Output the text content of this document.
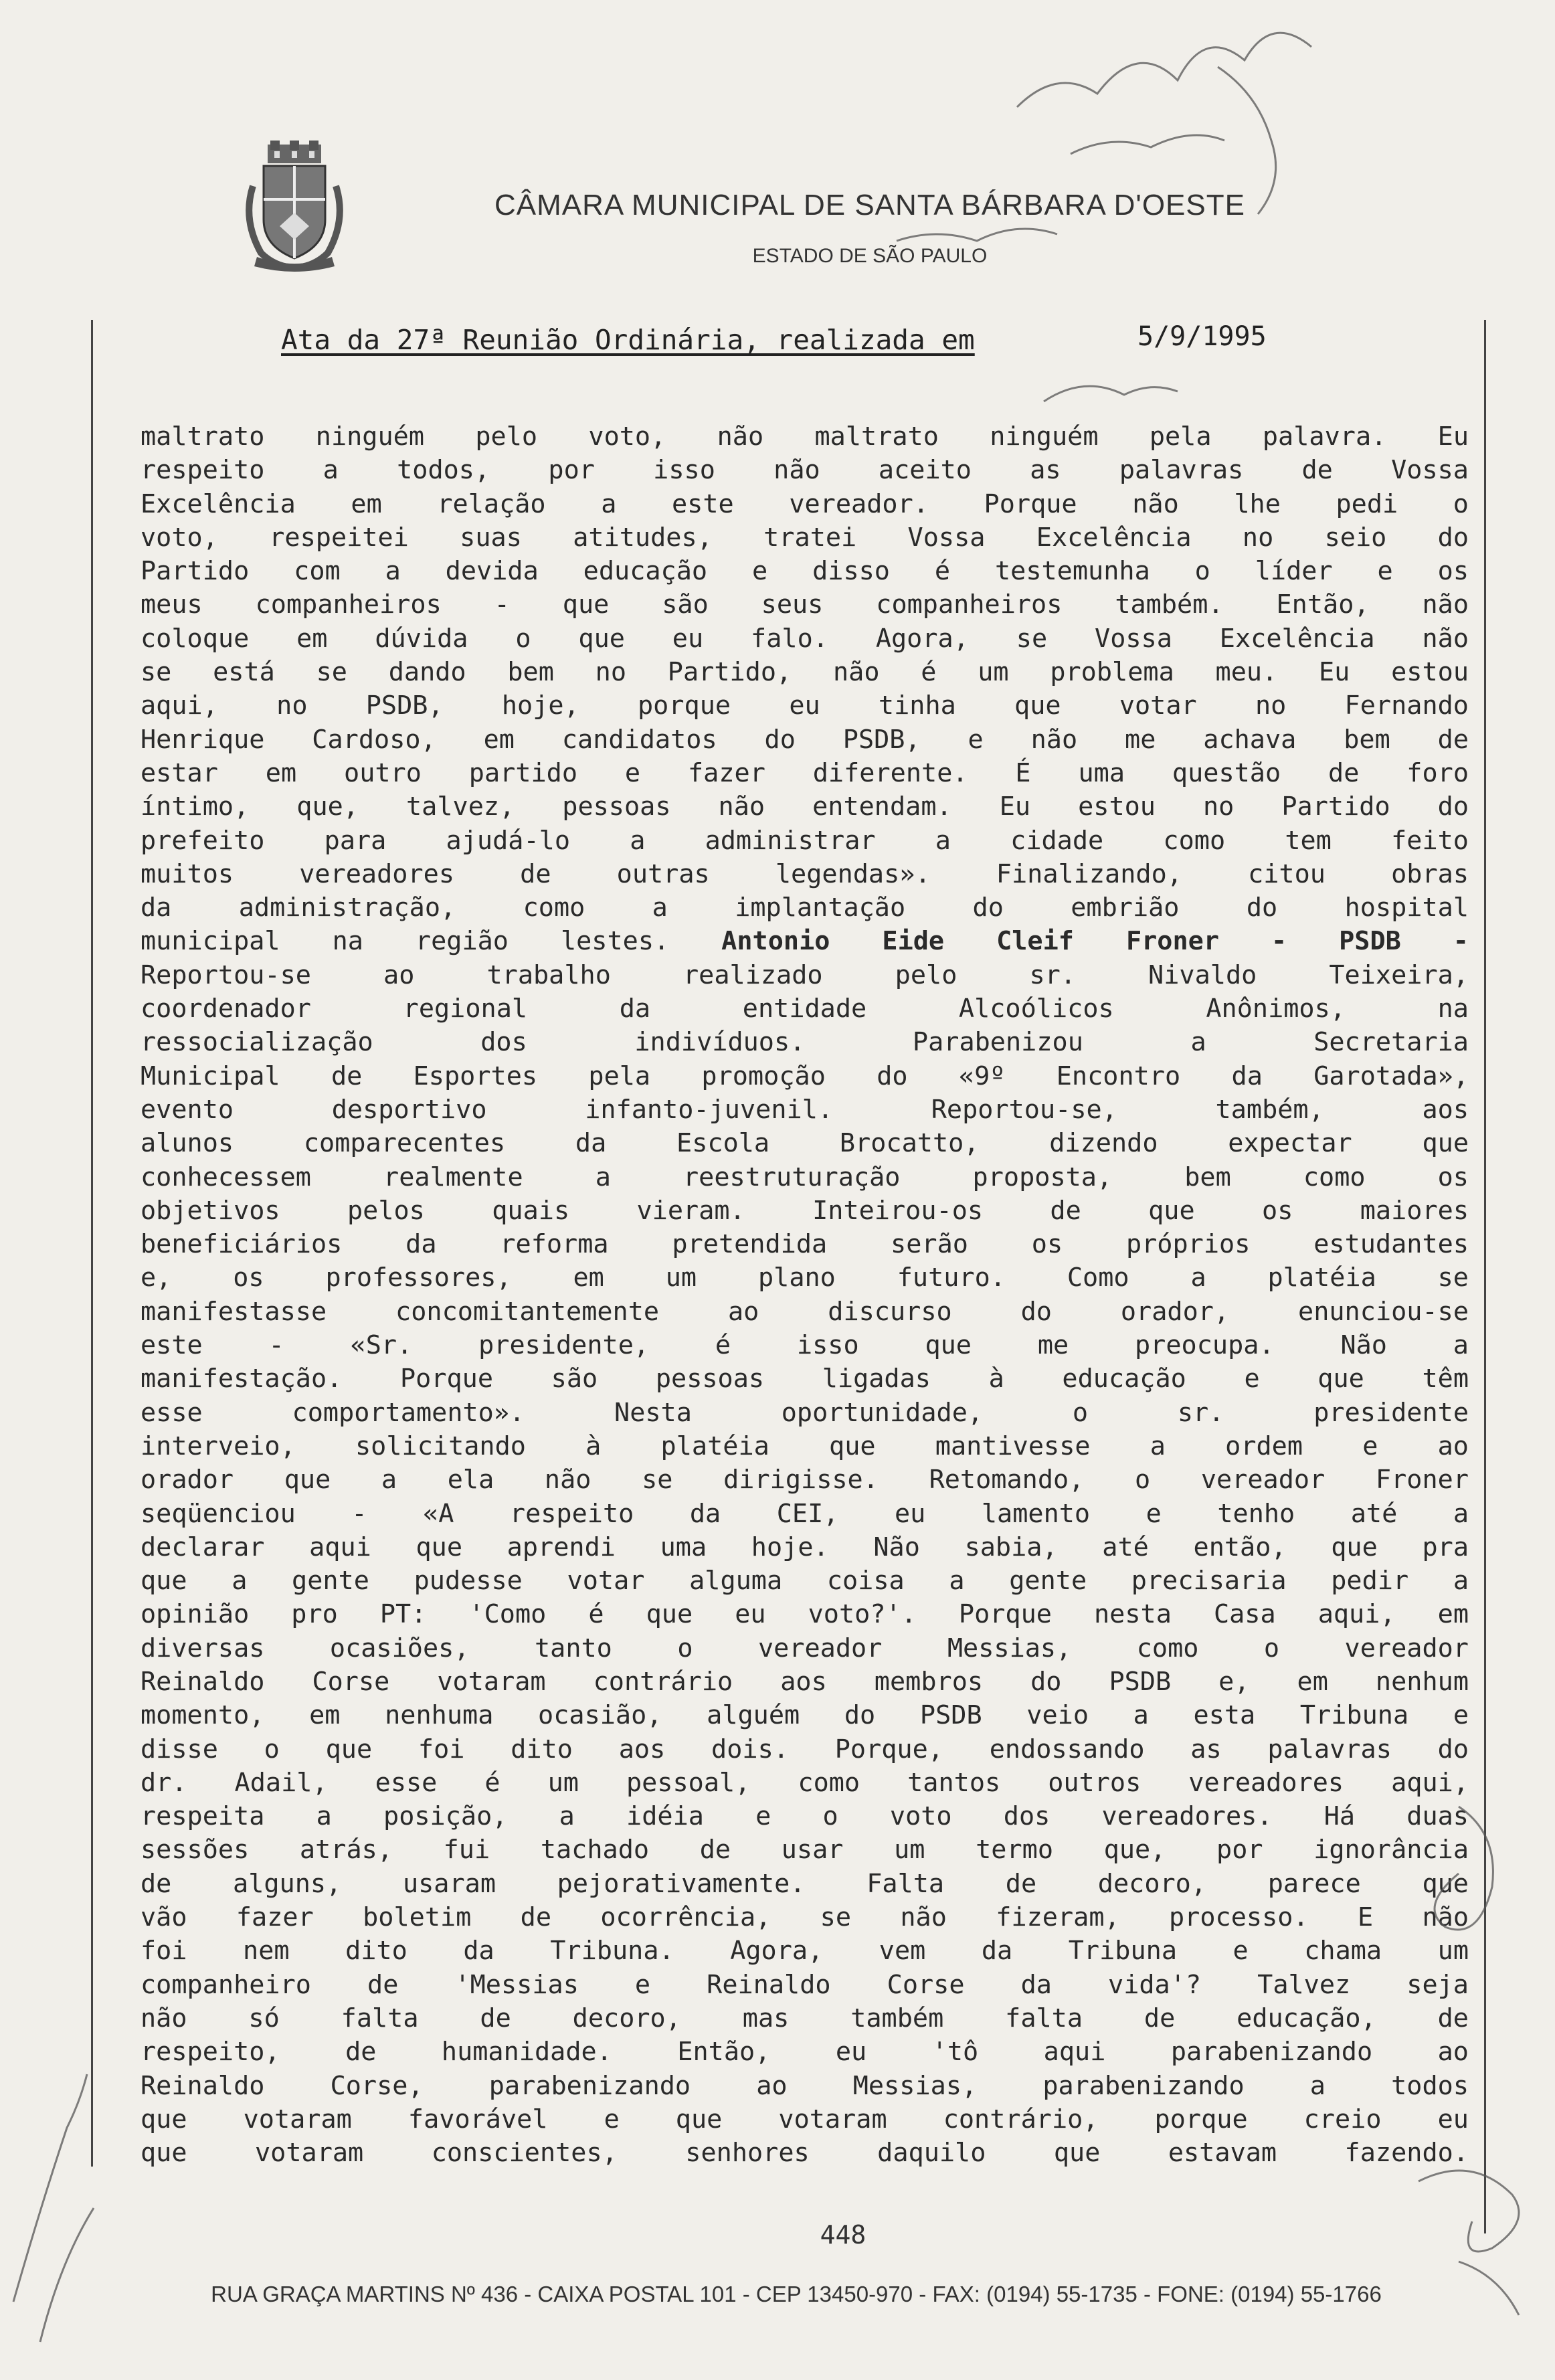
CÂMARA MUNICIPAL DE SANTA BÁRBARA D'OESTE
ESTADO DE SÃO PAULO
Ata da 27ª Reunião Ordinária, realizada em	5/9/1995
maltrato ninguém pelo voto, não maltrato ninguém pela palavra. Eu
respeito a todos, por isso não aceito as palavras de Vossa
Excelência em relação a este vereador. Porque não lhe pedi o
voto, respeitei suas atitudes, tratei Vossa Excelência no seio do
Partido com a devida educação e disso é testemunha o líder e os
meus companheiros - que são seus companheiros também. Então, não
coloque em dúvida o que eu falo. Agora, se Vossa Excelência não
se está se dando bem no Partido, não é um problema meu. Eu estou
aqui, no PSDB, hoje, porque eu tinha que votar no Fernando
Henrique Cardoso, em candidatos do PSDB, e não me achava bem de
estar em outro partido e fazer diferente. É uma questão de foro
íntimo, que, talvez, pessoas não entendam. Eu estou no Partido do
prefeito para ajudá-lo a administrar a cidade como tem feito
muitos vereadores de outras legendas». Finalizando, citou obras
da administração, como a implantação do embrião do hospital
municipal na região lestes. Antonio Eide Cleif Froner - PSDB -
Reportou-se ao trabalho realizado pelo sr. Nivaldo Teixeira,
coordenador regional da entidade Alcoólicos Anônimos, na
ressocialização dos indivíduos. Parabenizou a Secretaria
Municipal de Esportes pela promoção do «9º Encontro da Garotada»,
evento desportivo infanto-juvenil. Reportou-se, também, aos
alunos comparecentes da Escola Brocatto, dizendo expectar que
conhecessem realmente a reestruturação proposta, bem como os
objetivos pelos quais vieram. Inteirou-os de que os maiores
beneficiários da reforma pretendida serão os próprios estudantes
e, os professores, em um plano futuro. Como a platéia se
manifestasse concomitantemente ao discurso do orador, enunciou-se
este - «Sr. presidente, é isso que me preocupa. Não a
manifestação. Porque são pessoas ligadas à educação e que têm
esse comportamento». Nesta oportunidade, o sr. presidente
interveio, solicitando à platéia que mantivesse a ordem e ao
orador que a ela não se dirigisse. Retomando, o vereador Froner
seqüenciou - «A respeito da CEI, eu lamento e tenho até a
declarar aqui que aprendi uma hoje. Não sabia, até então, que pra
que a gente pudesse votar alguma coisa a gente precisaria pedir a
opinião pro PT: 'Como é que eu voto?'. Porque nesta Casa aqui, em
diversas ocasiões, tanto o vereador Messias, como o vereador
Reinaldo Corse votaram contrário aos membros do PSDB e, em nenhum
momento, em nenhuma ocasião, alguém do PSDB veio a esta Tribuna e
disse o que foi dito aos dois. Porque, endossando as palavras do
dr. Adail, esse é um pessoal, como tantos outros vereadores aqui,
respeita a posição, a idéia e o voto dos vereadores. Há duas
sessões atrás, fui tachado de usar um termo que, por ignorância
de alguns, usaram pejorativamente. Falta de decoro, parece que
vão fazer boletim de ocorrência, se não fizeram, processo. E não
foi nem dito da Tribuna. Agora, vem da Tribuna e chama um
companheiro de 'Messias e Reinaldo Corse da vida'? Talvez seja
não só falta de decoro, mas também falta de educação, de
respeito, de humanidade. Então, eu 'tô aqui parabenizando ao
Reinaldo Corse, parabenizando ao Messias, parabenizando a todos
que votaram favorável e que votaram contrário, porque creio eu
que votaram conscientes, senhores daquilo que estavam fazendo.
448
RUA GRAÇA MARTINS Nº 436 - CAIXA POSTAL 101 - CEP 13450-970 - FAX: (0194) 55-1735 - FONE: (0194) 55-1766
